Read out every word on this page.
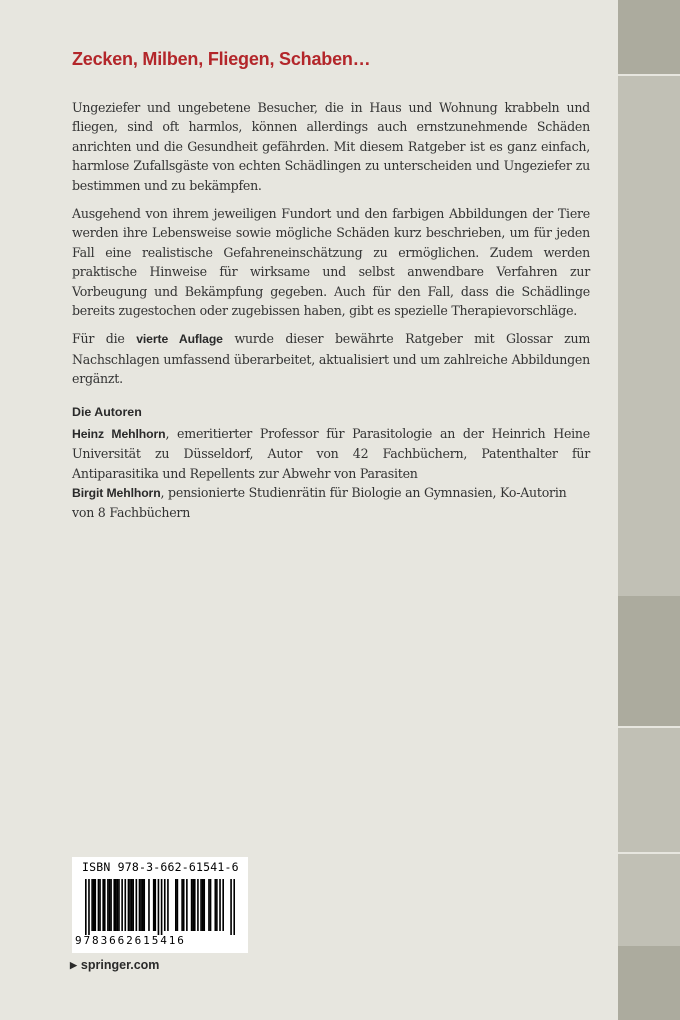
Zecken, Milben, Fliegen, Schaben…

Ungeziefer und ungebetene Besucher, die in Haus und Wohnung krabbeln und fliegen, sind oft harmlos, können allerdings auch ernstzunehmende Schäden anrichten und die Gesundheit gefährden. Mit diesem Ratgeber ist es ganz einfach, harmlose Zufallsgäste von echten Schädlingen zu unterscheiden und Ungeziefer zu bestimmen und zu bekämpfen.

Ausgehend von ihrem jeweiligen Fundort und den farbigen Abbildungen der Tiere werden ihre Lebensweise sowie mögliche Schäden kurz beschrieben, um für jeden Fall eine realistische Gefahreneinschätzung zu ermöglichen. Zudem werden praktische Hinweise für wirksame und selbst anwendbare Verfahren zur Vorbeugung und Bekämpfung gegeben. Auch für den Fall, dass die Schädlinge bereits zugestochen oder zugebissen haben, gibt es spezielle Therapievorschläge.

Für die vierte Auflage wurde dieser bewährte Ratgeber mit Glossar zum Nachschlagen umfassend überarbeitet, aktualisiert und um zahlreiche Abbildungen ergänzt.

Die Autoren

Heinz Mehlhorn, emeritierter Professor für Parasitologie an der Heinrich Heine Universität zu Düsseldorf, Autor von 42 Fachbüchern, Patenthalter für Antiparasitika und Repellents zur Abwehr von Parasiten

Birgit Mehlhorn, pensionierte Studienrätin für Biologie an Gymnasien, Ko-Autorin von 8 Fachbüchern

ISBN 978-3-662-61541-6
9783662615416
▶ springer.com
